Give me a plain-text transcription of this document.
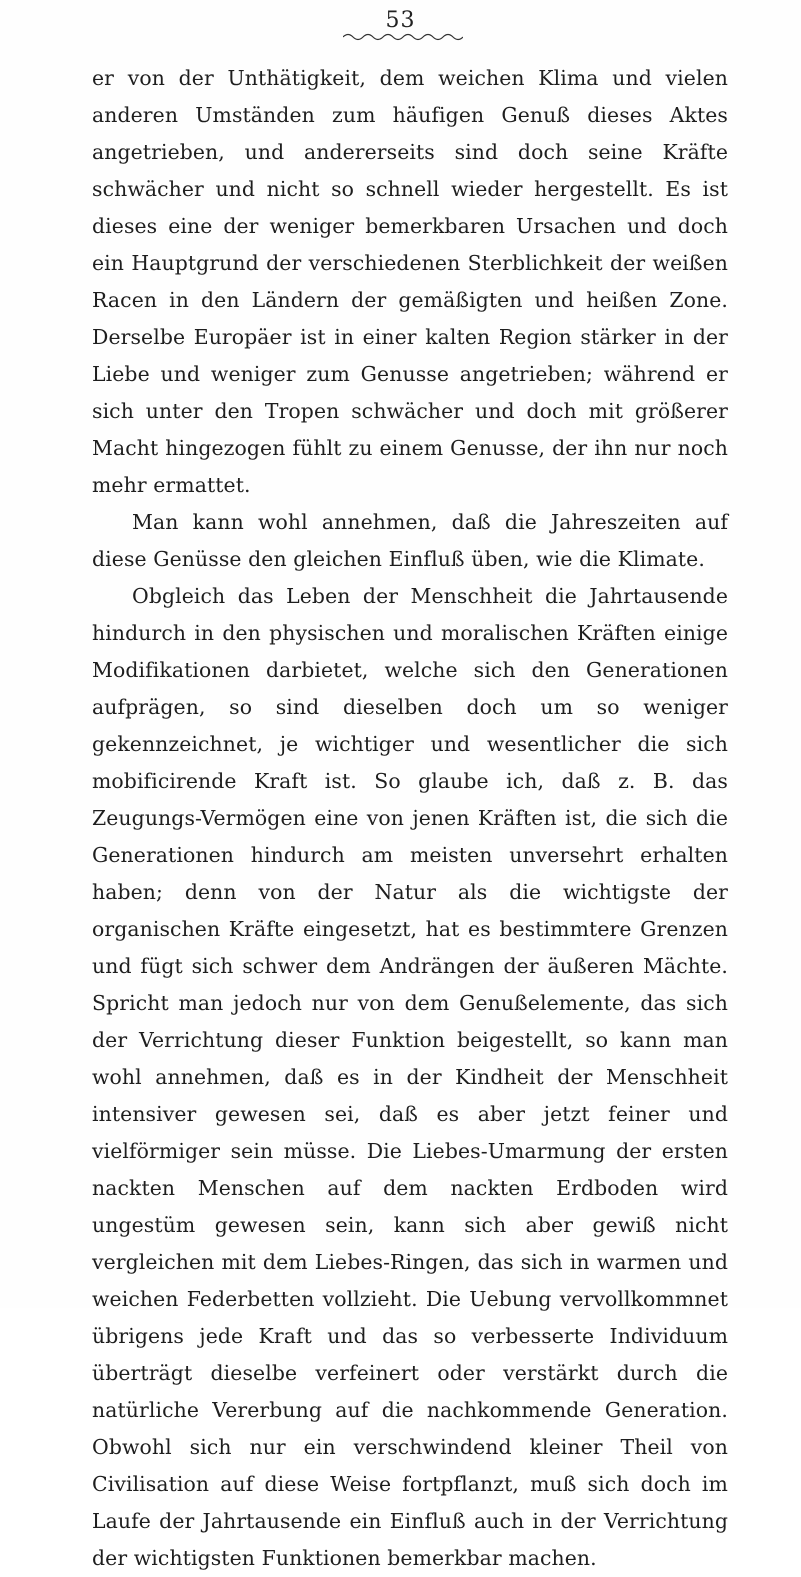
53

er von der Unthätigkeit, dem weichen Klima und vielen anderen Umständen zum häufigen Genuß dieses Aktes angetrieben, und andererseits sind doch seine Kräfte schwächer und nicht so schnell wieder hergestellt. Es ist dieses eine der weniger bemerkbaren Ursachen und doch ein Hauptgrund der verschiedenen Sterblichkeit der weißen Racen in den Ländern der gemäßigten und heißen Zone. Derselbe Europäer ist in einer kalten Region stärker in der Liebe und weniger zum Genusse angetrieben; während er sich unter den Tropen schwächer und doch mit größerer Macht hingezogen fühlt zu einem Genusse, der ihn nur noch mehr ermattet.

Man kann wohl annehmen, daß die Jahreszeiten auf diese Genüsse den gleichen Einfluß üben, wie die Klimate.

Obgleich das Leben der Menschheit die Jahrtausende hindurch in den physischen und moralischen Kräften einige Modifikationen darbietet, welche sich den Generationen aufprägen, so sind dieselben doch um so weniger gekennzeichnet, je wichtiger und wesentlicher die sich mobificirende Kraft ist. So glaube ich, daß z. B. das Zeugungs-Vermögen eine von jenen Kräften ist, die sich die Generationen hindurch am meisten unversehrt erhalten haben; denn von der Natur als die wichtigste der organischen Kräfte eingesetzt, hat es bestimmtere Grenzen und fügt sich schwer dem Andrängen der äußeren Mächte. Spricht man jedoch nur von dem Genußelemente, das sich der Verrichtung dieser Funktion beigestellt, so kann man wohl annehmen, daß es in der Kindheit der Menschheit intensiver gewesen sei, daß es aber jetzt feiner und vielförmiger sein müsse. Die Liebes-Umarmung der ersten nackten Menschen auf dem nackten Erdboden wird ungestüm gewesen sein, kann sich aber gewiß nicht vergleichen mit dem Liebes-Ringen, das sich in warmen und weichen Federbetten vollzieht. Die Uebung vervollkommnet übrigens jede Kraft und das so verbesserte Individuum überträgt dieselbe verfeinert oder verstärkt durch die natürliche Vererbung auf die nachkommende Generation. Obwohl sich nur ein verschwindend kleiner Theil von Civilisation auf diese Weise fortpflanzt, muß sich doch im Laufe der Jahrtausende ein Einfluß auch in der Verrichtung der wichtigsten Funktionen bemerkbar machen.
